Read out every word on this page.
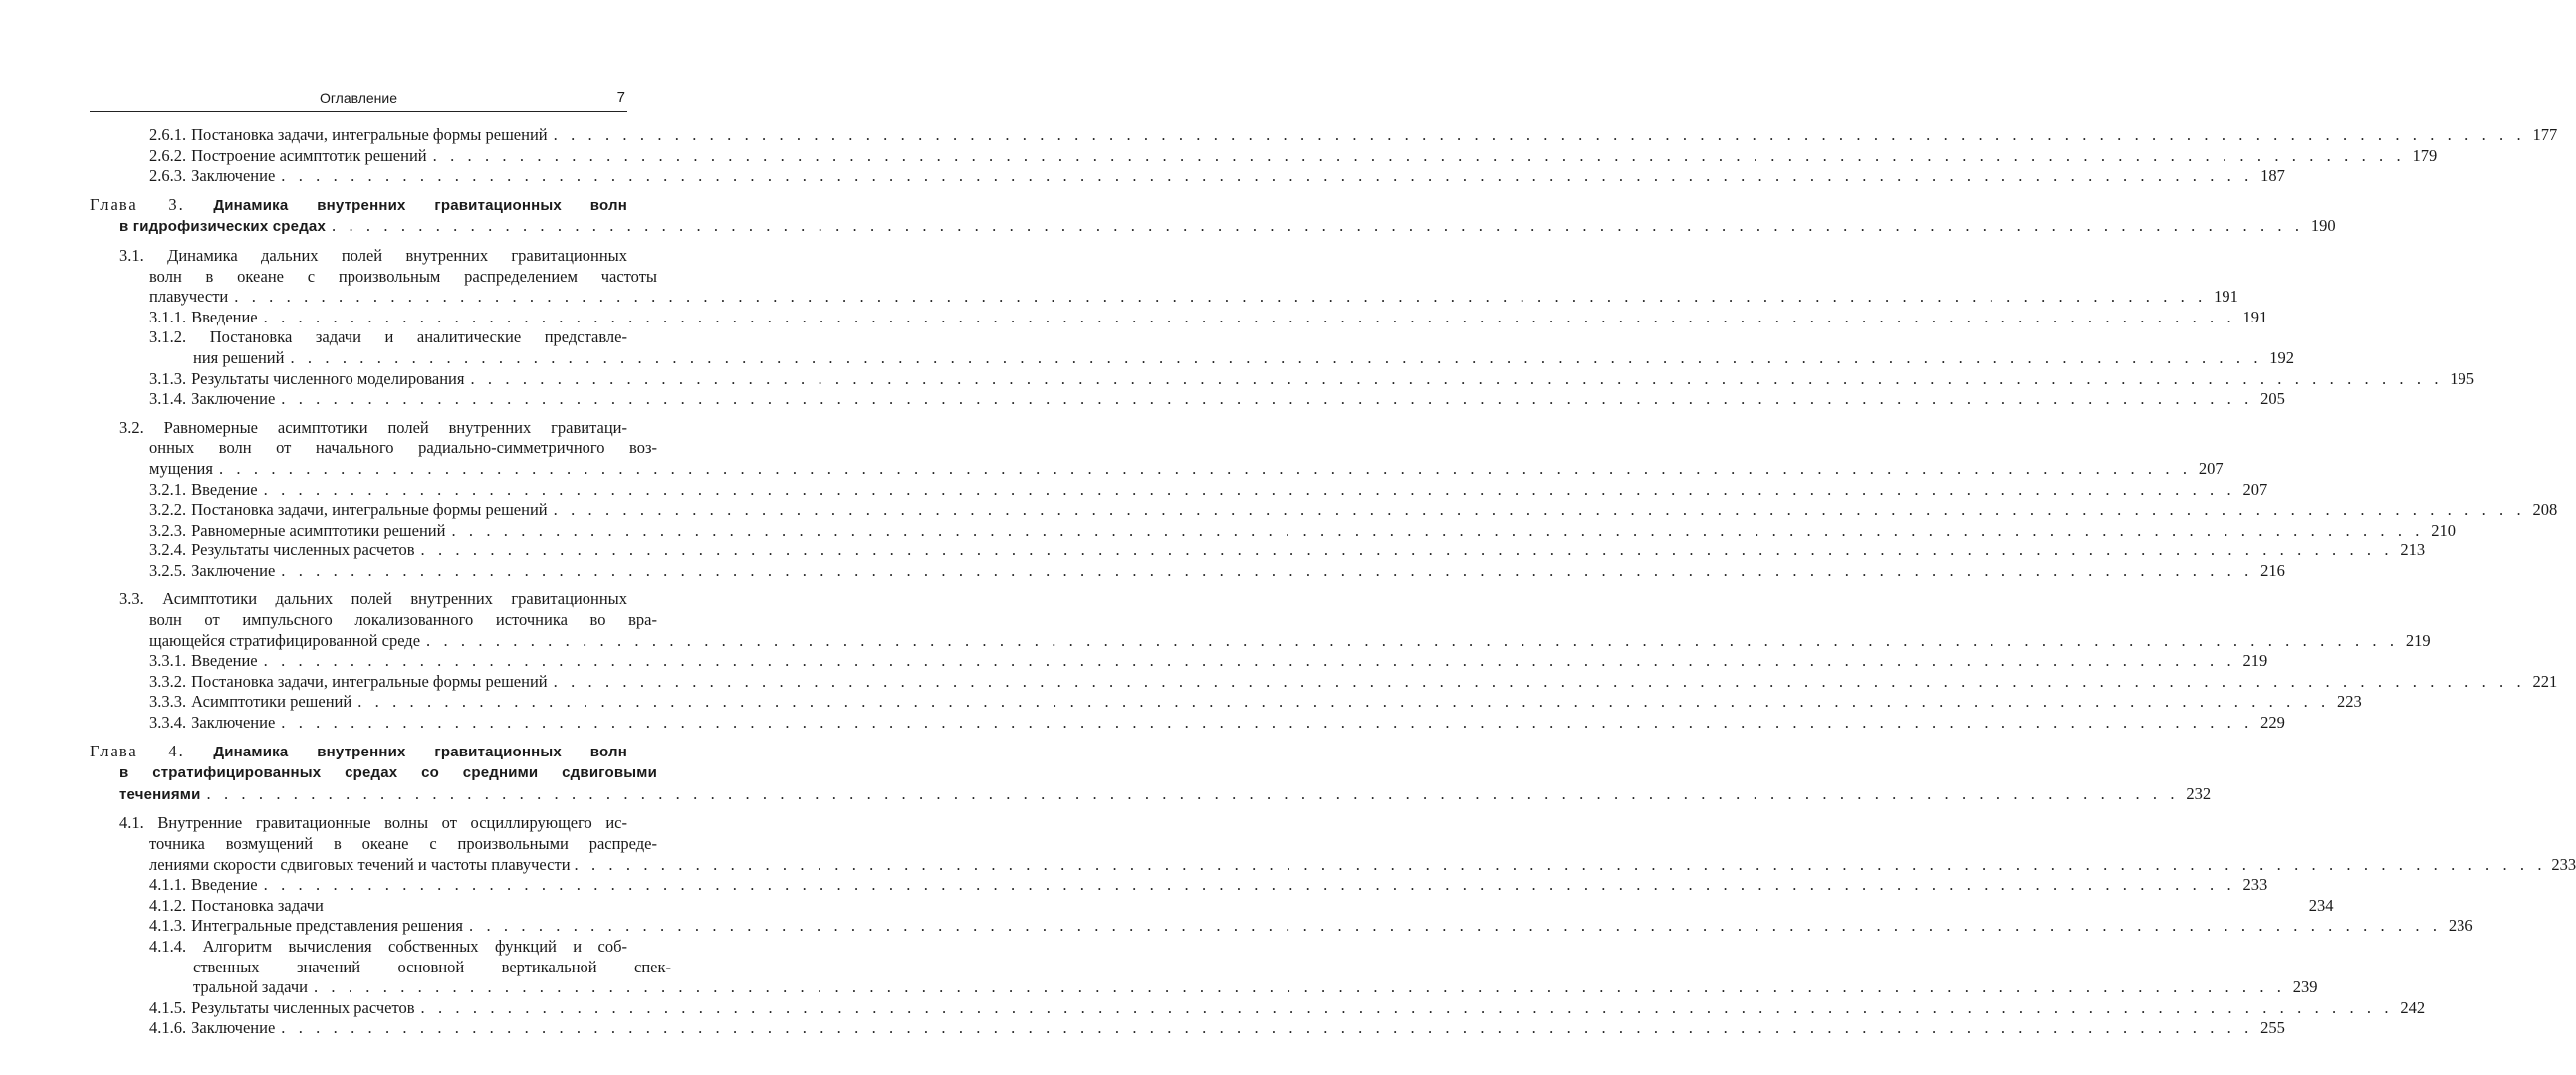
Оглавление	7
2.6.1. Постановка задачи, интегральные формы решений . . . . . . . . . . . . . . . . . . . . . . . . . . . . . . . . . . . . . . . . . . . . . . . . . . . . . . . . . . . . . . . . . . . . . . . . . . . . . . . . . . . . . . . . . . . . . . . . . . . . . . . . . . . . . . . . . . 177
2.6.2. Построение асимптотик решений . . . . . . . . . . . . . . . . . . . . . . . . . . . . . . . . . . . . . . . . . . . . . . . . . . . . . . . . . . . . . . . . . . . . . . . . . . . . . . . . . . . . . . . . . . . . . . . . . . . . . . . . . . . . . . . . . . 179
2.6.3. Заключение . . . . . . . . . . . . . . . . . . . . . . . . . . . . . . . . . . . . . . . . . . . . . . . . . . . . . . . . . . . . . . . . . . . . . . . . . . . . . . . . . . . . . . . . . . . . . . . . . . . . . . . . . . . . . . . . . . 187
Глава 3. Динамика внутренних гравитационных волн
в гидрофизических средах . . . . . . . . . . . . . . . . . . . . . . . . . . . . . . . . . . . . . . . . . . . . . . . . . . . . . . . . . . . . . . . . . . . . . . . . . . . . . . . . . . . . . . . . . . . . . . . . . . . . . . . . . . . . . . . . . . 190
3.1. Динамика дальних полей внутренних гравитационных
волн в океане с произвольным распределением частоты
плавучести . . . . . . . . . . . . . . . . . . . . . . . . . . . . . . . . . . . . . . . . . . . . . . . . . . . . . . . . . . . . . . . . . . . . . . . . . . . . . . . . . . . . . . . . . . . . . . . . . . . . . . . . . . . . . . . . . . 191
3.1.1. Введение . . . . . . . . . . . . . . . . . . . . . . . . . . . . . . . . . . . . . . . . . . . . . . . . . . . . . . . . . . . . . . . . . . . . . . . . . . . . . . . . . . . . . . . . . . . . . . . . . . . . . . . . . . . . . . . . . . 191
3.1.2. Постановка задачи и аналитические представле-
ния решений . . . . . . . . . . . . . . . . . . . . . . . . . . . . . . . . . . . . . . . . . . . . . . . . . . . . . . . . . . . . . . . . . . . . . . . . . . . . . . . . . . . . . . . . . . . . . . . . . . . . . . . . . . . . . . . . . . 192
3.1.3. Результаты численного моделирования . . . . . . . . . . . . . . . . . . . . . . . . . . . . . . . . . . . . . . . . . . . . . . . . . . . . . . . . . . . . . . . . . . . . . . . . . . . . . . . . . . . . . . . . . . . . . . . . . . . . . . . . . . . . . . . . . . 195
3.1.4. Заключение . . . . . . . . . . . . . . . . . . . . . . . . . . . . . . . . . . . . . . . . . . . . . . . . . . . . . . . . . . . . . . . . . . . . . . . . . . . . . . . . . . . . . . . . . . . . . . . . . . . . . . . . . . . . . . . . . . 205
3.2. Равномерные асимптотики полей внутренних гравитаци-
онных волн от начального радиально-симметричного воз-
мущения . . . . . . . . . . . . . . . . . . . . . . . . . . . . . . . . . . . . . . . . . . . . . . . . . . . . . . . . . . . . . . . . . . . . . . . . . . . . . . . . . . . . . . . . . . . . . . . . . . . . . . . . . . . . . . . . . . 207
3.2.1. Введение . . . . . . . . . . . . . . . . . . . . . . . . . . . . . . . . . . . . . . . . . . . . . . . . . . . . . . . . . . . . . . . . . . . . . . . . . . . . . . . . . . . . . . . . . . . . . . . . . . . . . . . . . . . . . . . . . . 207
3.2.2. Постановка задачи, интегральные формы решений . . . . . . . . . . . . . . . . . . . . . . . . . . . . . . . . . . . . . . . . . . . . . . . . . . . . . . . . . . . . . . . . . . . . . . . . . . . . . . . . . . . . . . . . . . . . . . . . . . . . . . . . . . . . . . . . . . 208
3.2.3. Равномерные асимптотики решений . . . . . . . . . . . . . . . . . . . . . . . . . . . . . . . . . . . . . . . . . . . . . . . . . . . . . . . . . . . . . . . . . . . . . . . . . . . . . . . . . . . . . . . . . . . . . . . . . . . . . . . . . . . . . . . . . . 210
3.2.4. Результаты численных расчетов . . . . . . . . . . . . . . . . . . . . . . . . . . . . . . . . . . . . . . . . . . . . . . . . . . . . . . . . . . . . . . . . . . . . . . . . . . . . . . . . . . . . . . . . . . . . . . . . . . . . . . . . . . . . . . . . . . 213
3.2.5. Заключение . . . . . . . . . . . . . . . . . . . . . . . . . . . . . . . . . . . . . . . . . . . . . . . . . . . . . . . . . . . . . . . . . . . . . . . . . . . . . . . . . . . . . . . . . . . . . . . . . . . . . . . . . . . . . . . . . . 216
3.3. Асимптотики дальних полей внутренних гравитационных
волн от импульсного локализованного источника во вра-
щающейся стратифицированной среде . . . . . . . . . . . . . . . . . . . . . . . . . . . . . . . . . . . . . . . . . . . . . . . . . . . . . . . . . . . . . . . . . . . . . . . . . . . . . . . . . . . . . . . . . . . . . . . . . . . . . . . . . . . . . . . . . . 219
3.3.1. Введение . . . . . . . . . . . . . . . . . . . . . . . . . . . . . . . . . . . . . . . . . . . . . . . . . . . . . . . . . . . . . . . . . . . . . . . . . . . . . . . . . . . . . . . . . . . . . . . . . . . . . . . . . . . . . . . . . . 219
3.3.2. Постановка задачи, интегральные формы решений . . . . . . . . . . . . . . . . . . . . . . . . . . . . . . . . . . . . . . . . . . . . . . . . . . . . . . . . . . . . . . . . . . . . . . . . . . . . . . . . . . . . . . . . . . . . . . . . . . . . . . . . . . . . . . . . . . 221
3.3.3. Асимптотики решений . . . . . . . . . . . . . . . . . . . . . . . . . . . . . . . . . . . . . . . . . . . . . . . . . . . . . . . . . . . . . . . . . . . . . . . . . . . . . . . . . . . . . . . . . . . . . . . . . . . . . . . . . . . . . . . . . . 223
3.3.4. Заключение . . . . . . . . . . . . . . . . . . . . . . . . . . . . . . . . . . . . . . . . . . . . . . . . . . . . . . . . . . . . . . . . . . . . . . . . . . . . . . . . . . . . . . . . . . . . . . . . . . . . . . . . . . . . . . . . . . 229
Глава 4. Динамика внутренних гравитационных волн
в стратифицированных средах со средними сдвиговыми
течениями . . . . . . . . . . . . . . . . . . . . . . . . . . . . . . . . . . . . . . . . . . . . . . . . . . . . . . . . . . . . . . . . . . . . . . . . . . . . . . . . . . . . . . . . . . . . . . . . . . . . . . . . . . . . . . . . . . 232
4.1. Внутренние гравитационные волны от осциллирующего ис-
точника возмущений в океане с произвольными распреде-
лениями скорости сдвиговых течений и частоты плавучести . . . . . . . . . . . . . . . . . . . . . . . . . . . . . . . . . . . . . . . . . . . . . . . . . . . . . . . . . . . . . . . . . . . . . . . . . . . . . . . . . . . . . . . . . . . . . . . . . . . . . . . . . . . . . . . . . . 233
4.1.1. Введение . . . . . . . . . . . . . . . . . . . . . . . . . . . . . . . . . . . . . . . . . . . . . . . . . . . . . . . . . . . . . . . . . . . . . . . . . . . . . . . . . . . . . . . . . . . . . . . . . . . . . . . . . . . . . . . . . . 233
4.1.2. Постановка задачи	234
4.1.3. Интегральные представления решения . . . . . . . . . . . . . . . . . . . . . . . . . . . . . . . . . . . . . . . . . . . . . . . . . . . . . . . . . . . . . . . . . . . . . . . . . . . . . . . . . . . . . . . . . . . . . . . . . . . . . . . . . . . . . . . . . . 236
4.1.4. Алгоритм вычисления собственных функций и соб-
ственных значений основной вертикальной спек-
тральной задачи . . . . . . . . . . . . . . . . . . . . . . . . . . . . . . . . . . . . . . . . . . . . . . . . . . . . . . . . . . . . . . . . . . . . . . . . . . . . . . . . . . . . . . . . . . . . . . . . . . . . . . . . . . . . . . . . . . 239
4.1.5. Результаты численных расчетов . . . . . . . . . . . . . . . . . . . . . . . . . . . . . . . . . . . . . . . . . . . . . . . . . . . . . . . . . . . . . . . . . . . . . . . . . . . . . . . . . . . . . . . . . . . . . . . . . . . . . . . . . . . . . . . . . . 242
4.1.6. Заключение . . . . . . . . . . . . . . . . . . . . . . . . . . . . . . . . . . . . . . . . . . . . . . . . . . . . . . . . . . . . . . . . . . . . . . . . . . . . . . . . . . . . . . . . . . . . . . . . . . . . . . . . . . . . . . . . . . 255
